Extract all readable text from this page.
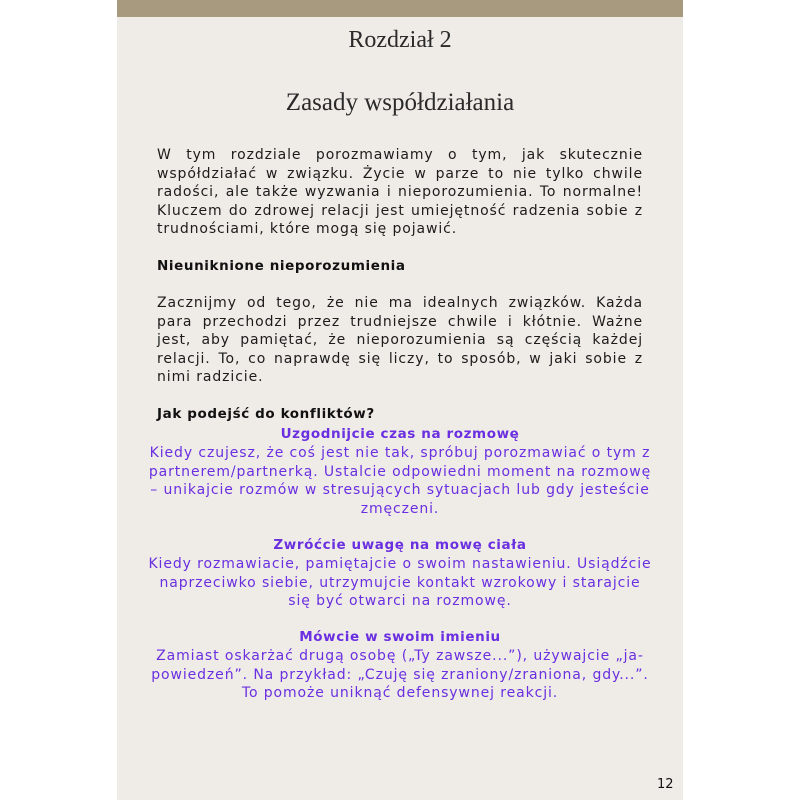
Rozdział 2
Zasady współdziałania

W tym rozdziale porozmawiamy o tym, jak skutecznie współdziałać w związku. Życie w parze to nie tylko chwile radości, ale także wyzwania i nieporozumienia. To normalne! Kluczem do zdrowej relacji jest umiejętność radzenia sobie z trudnościami, które mogą się pojawić.

Nieuniknione nieporozumienia

Zacznijmy od tego, że nie ma idealnych związków. Każda para przechodzi przez trudniejsze chwile i kłótnie. Ważne jest, aby pamiętać, że nieporozumienia są częścią każdej relacji. To, co naprawdę się liczy, to sposób, w jaki sobie z nimi radzicie.

Jak podejść do konfliktów?

Uzgodnijcie czas na rozmowę

Kiedy czujesz, że coś jest nie tak, spróbuj porozmawiać o tym z partnerem/partnerką. Ustalcie odpowiedni moment na rozmowę – unikajcie rozmów w stresujących sytuacjach lub gdy jesteście zmęczeni.

Zwróćcie uwagę na mowę ciała

Kiedy rozmawiacie, pamiętajcie o swoim nastawieniu. Usiądźcie naprzeciwko siebie, utrzymujcie kontakt wzrokowy i starajcie się być otwarci na rozmowę.

Mówcie w swoim imieniu

Zamiast oskarżać drugą osobę („Ty zawsze...”), używajcie „ja-powiedzeń”. Na przykład: „Czuję się zraniony/zraniona, gdy...”. To pomoże uniknąć defensywnej reakcji.

12
